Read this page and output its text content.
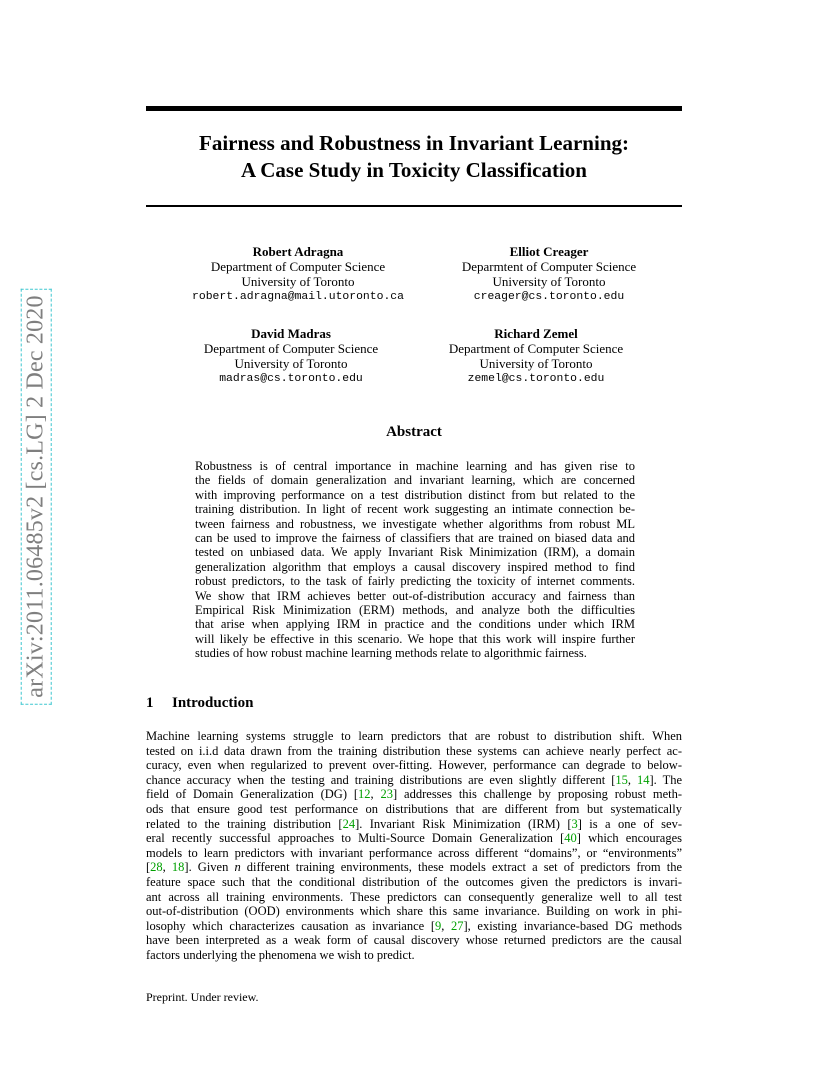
arXiv:2011.06485v2 [cs.LG] 2 Dec 2020
Fairness and Robustness in Invariant Learning:
A Case Study in Toxicity Classification
Robert Adragna
Department of Computer Science
University of Toronto
robert.adragna@mail.utoronto.ca
Elliot Creager
Deparmtent of Computer Science
University of Toronto
creager@cs.toronto.edu
David Madras
Department of Computer Science
University of Toronto
madras@cs.toronto.edu
Richard Zemel
Department of Computer Science
University of Toronto
zemel@cs.toronto.edu
Abstract
Robustness is of central importance in machine learning and has given rise to
the fields of domain generalization and invariant learning, which are concerned
with improving performance on a test distribution distinct from but related to the
training distribution. In light of recent work suggesting an intimate connection be-
tween fairness and robustness, we investigate whether algorithms from robust ML
can be used to improve the fairness of classifiers that are trained on biased data and
tested on unbiased data. We apply Invariant Risk Minimization (IRM), a domain
generalization algorithm that employs a causal discovery inspired method to find
robust predictors, to the task of fairly predicting the toxicity of internet comments.
We show that IRM achieves better out-of-distribution accuracy and fairness than
Empirical Risk Minimization (ERM) methods, and analyze both the difficulties
that arise when applying IRM in practice and the conditions under which IRM
will likely be effective in this scenario. We hope that this work will inspire further
studies of how robust machine learning methods relate to algorithmic fairness.
1 Introduction
Machine learning systems struggle to learn predictors that are robust to distribution shift. When
tested on i.i.d data drawn from the training distribution these systems can achieve nearly perfect ac-
curacy, even when regularized to prevent over-fitting. However, performance can degrade to below-
chance accuracy when the testing and training distributions are even slightly different [15, 14]. The
field of Domain Generalization (DG) [12, 23] addresses this challenge by proposing robust meth-
ods that ensure good test performance on distributions that are different from but systematically
related to the training distribution [24]. Invariant Risk Minimization (IRM) [3] is a one of sev-
eral recently successful approaches to Multi-Source Domain Generalization [40] which encourages
models to learn predictors with invariant performance across different “domains”, or “environments”
[28, 18]. Given n different training environments, these models extract a set of predictors from the
feature space such that the conditional distribution of the outcomes given the predictors is invari-
ant across all training environments. These predictors can consequently generalize well to all test
out-of-distribution (OOD) environments which share this same invariance. Building on work in phi-
losophy which characterizes causation as invariance [9, 27], existing invariance-based DG methods
have been interpreted as a weak form of causal discovery whose returned predictors are the causal
factors underlying the phenomena we wish to predict.
Preprint. Under review.
